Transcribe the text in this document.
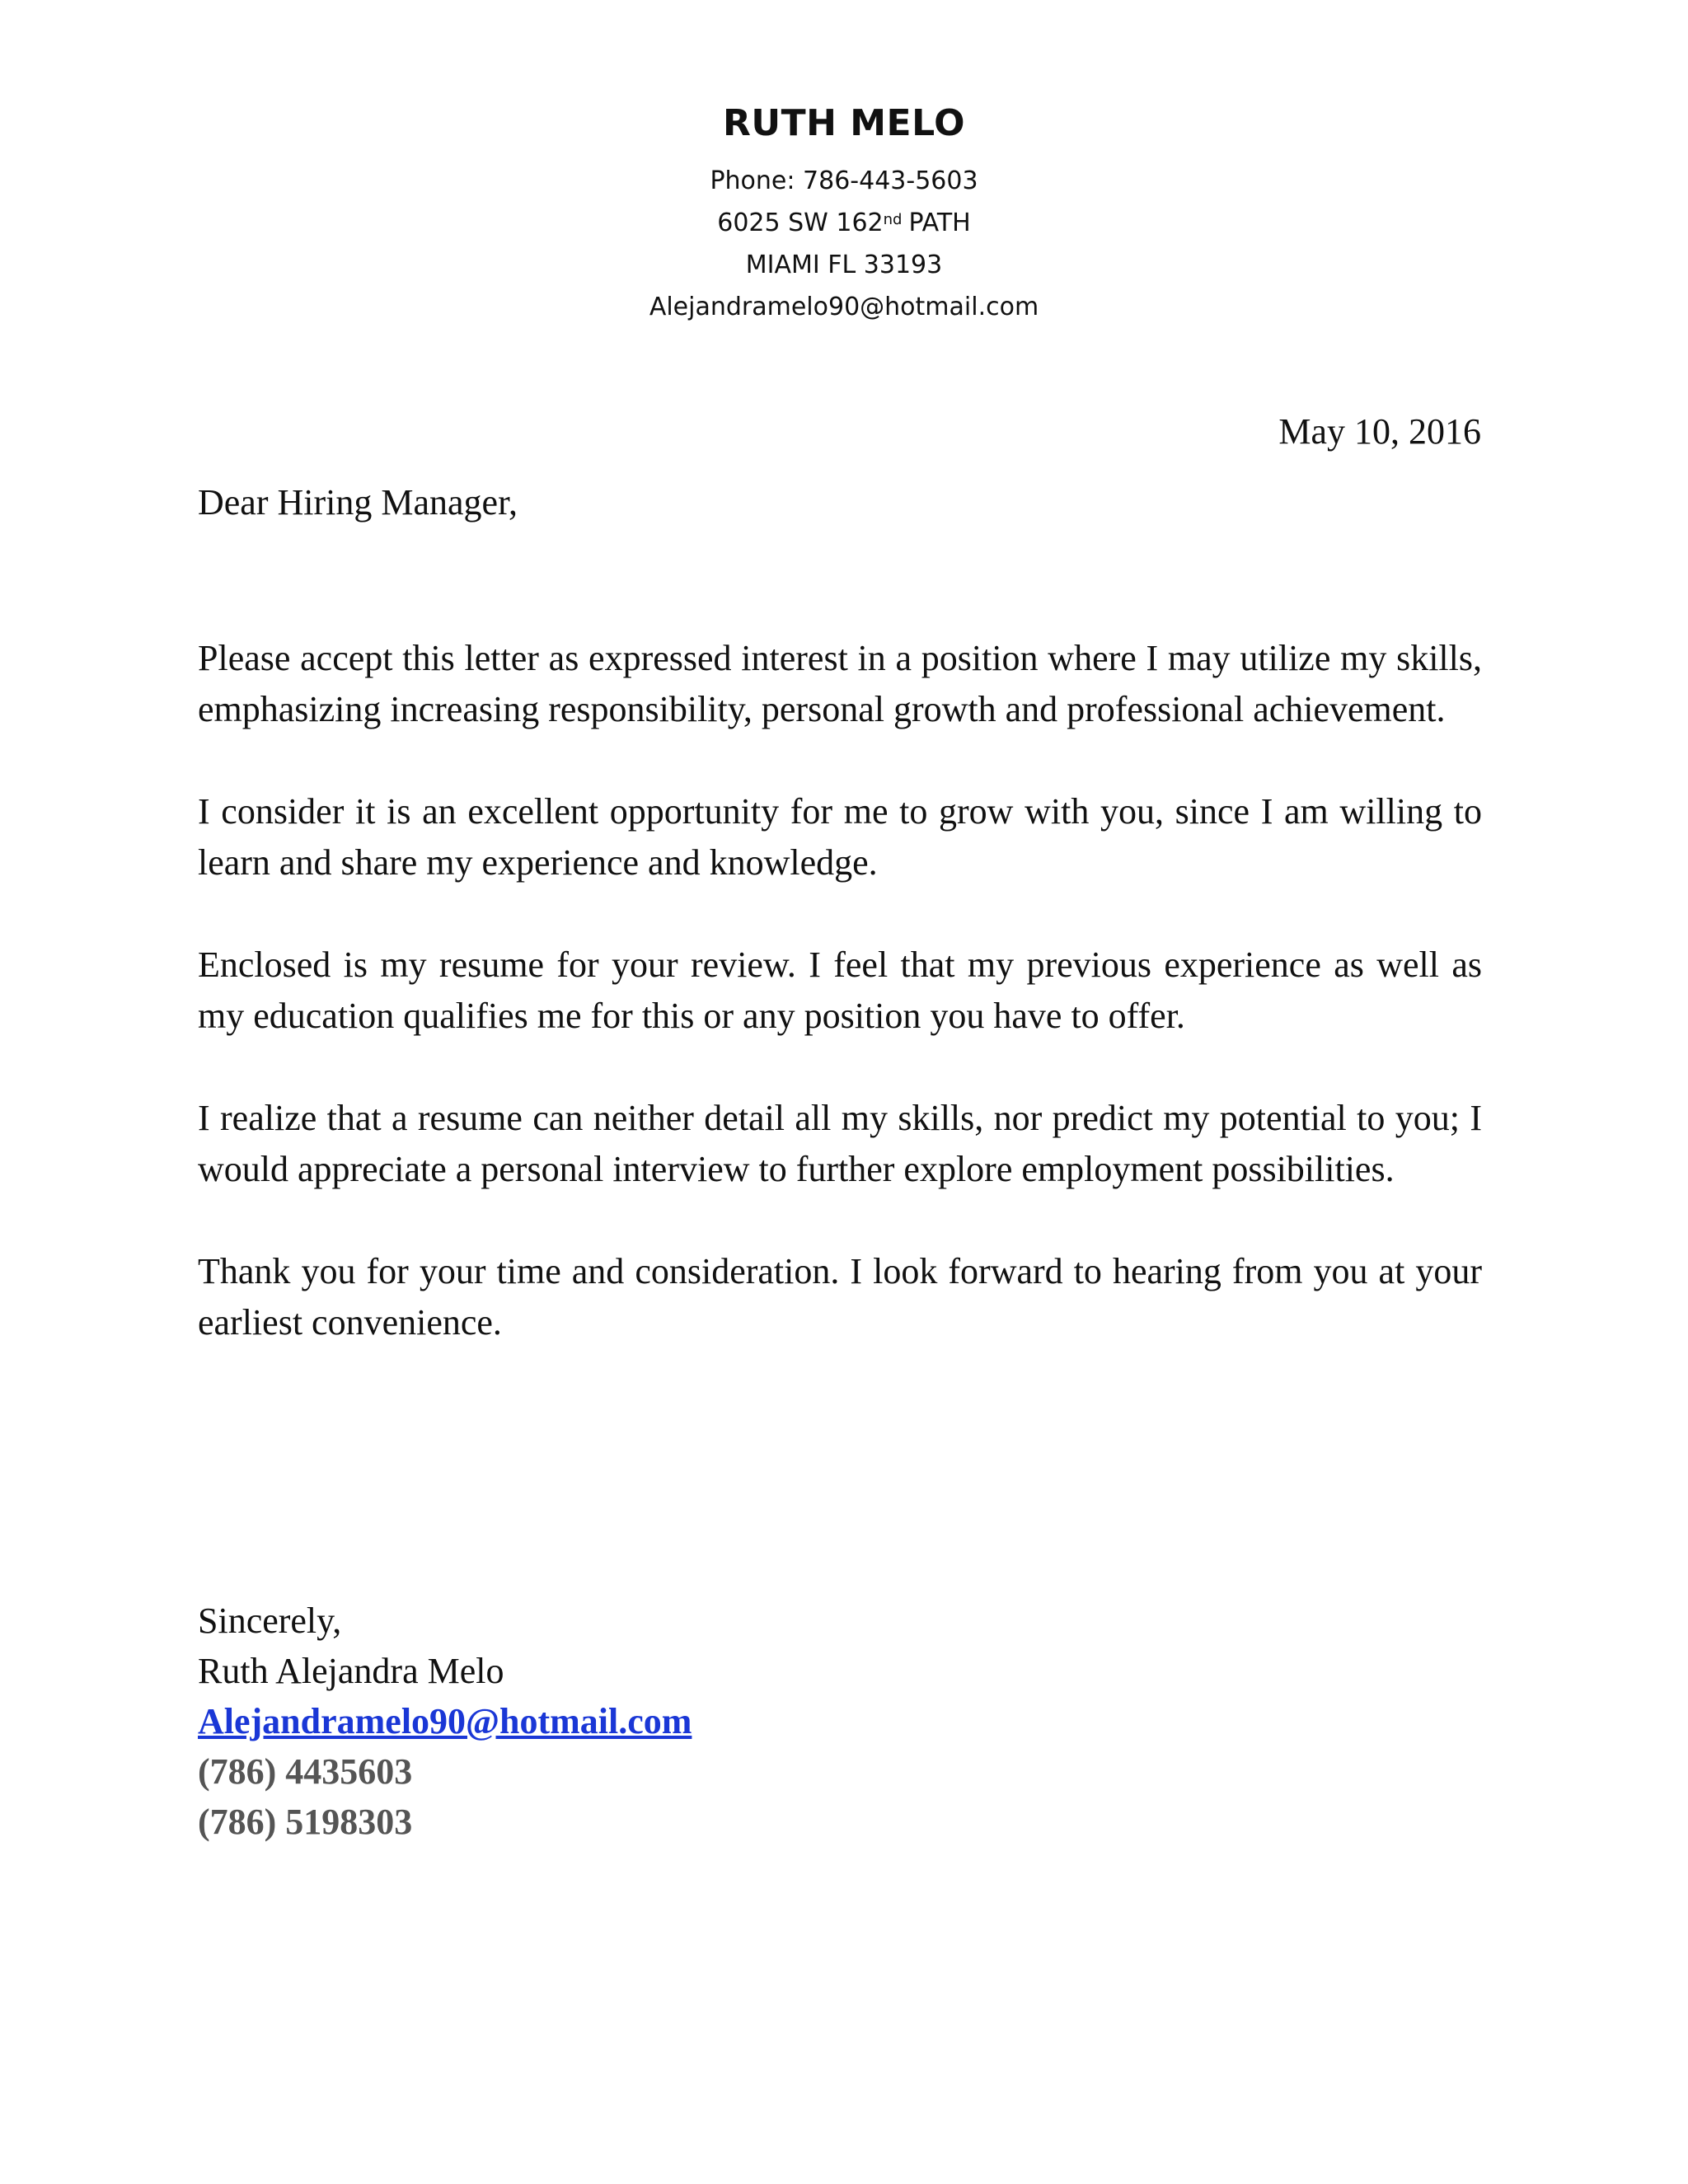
RUTH MELO
Phone: 786-443-5603
6025 SW 162nd PATH
MIAMI FL 33193
Alejandramelo90@hotmail.com
May 10, 2016
Dear Hiring Manager,

Please accept this letter as expressed interest in a position where I may utilize my skills, emphasizing increasing responsibility, personal growth and professional achievement.

I consider it is an excellent opportunity for me to grow with you, since I am willing to learn and share my experience and knowledge.

Enclosed is my resume for your review. I feel that my previous experience as well as my education qualifies me for this or any position you have to offer.

I realize that a resume can neither detail all my skills, nor predict my potential to you; I would appreciate a personal interview to further explore employment possibilities.

Thank you for your time and consideration. I look forward to hearing from you at your earliest convenience.

Sincerely,
Ruth Alejandra Melo
Alejandramelo90@hotmail.com
(786) 4435603
(786) 5198303
